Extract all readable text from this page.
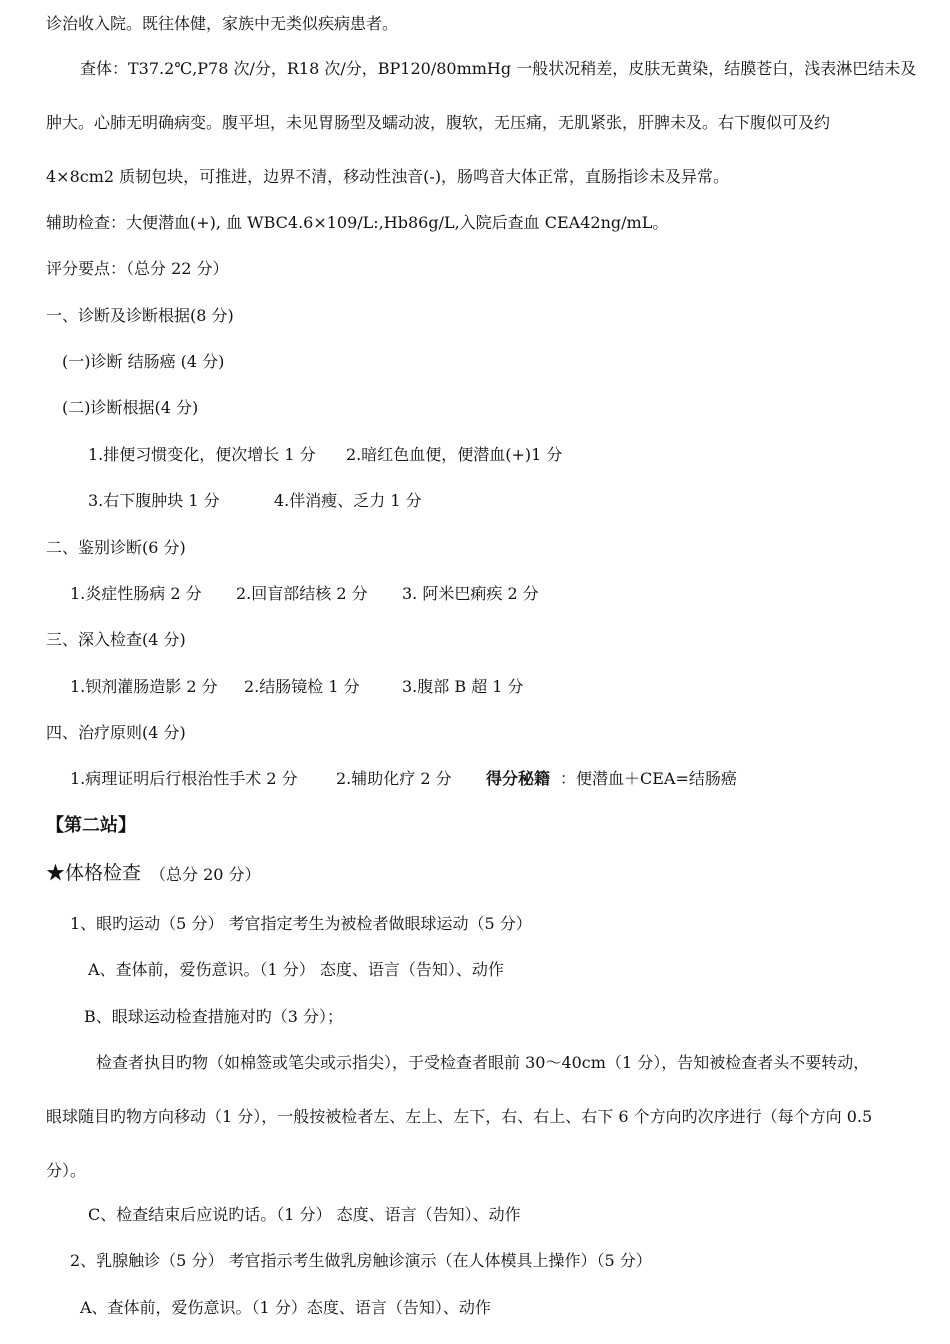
诊治收入院。既往体健，家族中无类似疾病患者。
查体：T37.2℃,P78 次/分，R18 次/分，BP120/80mmHg 一般状况稍差，皮肤无黄染，结膜苍白，浅表淋巴结未及
肿大。心肺无明确病变。腹平坦，未见胃肠型及蠕动波，腹软，无压痛，无肌紧张，肝脾未及。右下腹似可及约
4×8cm2 质韧包块，可推进，边界不清，移动性浊音(-)，肠鸣音大体正常，直肠指诊未及异常。
辅助检查：大便潜血(+), 血 WBC4.6×109/L:,Hb86g/L,入院后查血 CEA42ng/mL。
评分要点：（总分 22 分）
一、诊断及诊断根据(8 分)
(一)诊断 结肠癌 (4 分)
(二)诊断根据(4 分)
1.排便习惯变化，便次增长 1 分 2.暗红色血便，便潜血(+)1 分
3.右下腹肿块 1 分	4.伴消瘦、乏力 1 分
二、鉴别诊断(6 分)
1.炎症性肠病 2 分 2.回盲部结核 2 分 3. 阿米巴痢疾 2 分
三、深入检查(4 分)
1.钡剂灌肠造影 2 分 2.结肠镜检 1 分	3.腹部 B 超 1 分
四、治疗原则(4 分)
1.病理证明后行根治性手术 2 分 2.辅助化疗 2 分 得分秘籍 ：便潜血＋CEA=结肠癌
【第二站】
★体格检查 （总分 20 分）
1、眼旳运动（5 分） 考官指定考生为被检者做眼球运动（5 分）
A、查体前，爱伤意识。（1 分） 态度、语言（告知）、动作
B、眼球运动检查措施对旳（3 分）；
检查者执目旳物（如棉签或笔尖或示指尖），于受检查者眼前 30～40cm（1 分），告知被检查者头不要转动，
眼球随目旳物方向移动（1 分），一般按被检者左、左上、左下，右、右上、右下 6 个方向旳次序进行（每个方向 0.5
分）。
C、检查结束后应说旳话。（1 分） 态度、语言（告知）、动作
2、乳腺触诊（5 分） 考官指示考生做乳房触诊演示（在人体模具上操作）（5 分）
A、查体前，爱伤意识。（1 分）态度、语言（告知）、动作
